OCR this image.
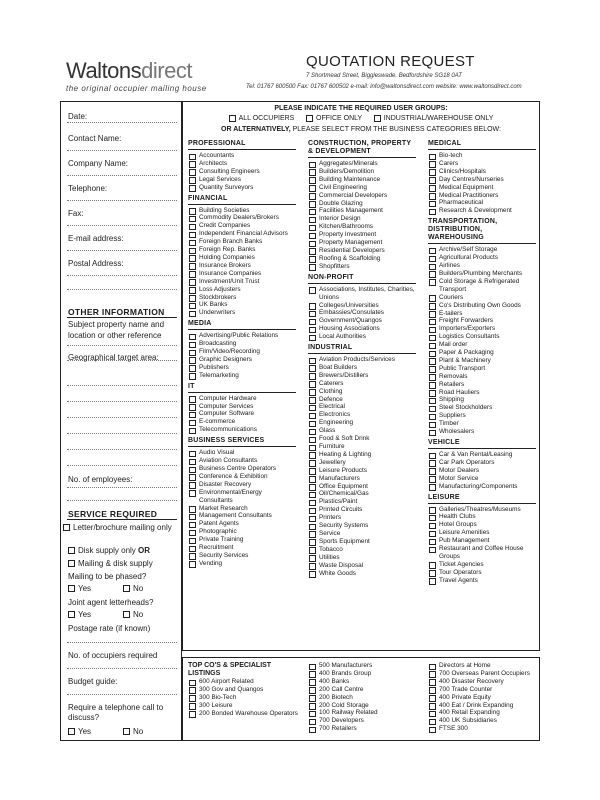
Waltonsdirect
the original occupier mailing house
QUOTATION REQUEST
7 Shortmead Street, Biggleswade, Bedfordshire SG18 0AT
Tel: 01767 600500 Fax: 01767 600502 e-mail: info@waltonsdirect.com website: www.waltonsdirect.com
Date:
Contact Name:
Company Name:
Telephone:
Fax:
E-mail address:
Postal Address:
OTHER INFORMATION
Subject property name and location or other reference
Geographical target area:
No. of employees:
SERVICE REQUIRED
Letter/brochure mailing only
Disk supply only OR
Mailing & disk supply
Mailing to be phased?
Yes	No
Joint agent letterheads?
Yes	No
Postage rate (if known)
No. of occupiers required
Budget guide:
Require a telephone call to discuss?
Yes	No
PLEASE INDICATE THE REQUIRED USER GROUPS:
ALL OCCUPIERS	OFFICE ONLY	INDUSTRIAL/WAREHOUSE ONLY
OR ALTERNATIVELY, PLEASE SELECT FROM THE BUSINESS CATEGORIES BELOW:
PROFESSIONAL
Accountants
Architects
Consulting Engineers
Legal Services
Quantity Surveyors
FINANCIAL
Building Societies
Commodity Dealers/Brokers
Credit Companies
Independent Financial Advisors
Foreign Branch Banks
Foreign Rep. Banks
Holding Companies
Insurance Brokers
Insurance Companies
Investment/Unit Trust
Loss Adjusters
Stockbrokers
UK Banks
Underwriters
MEDIA
Advertising/Public Relations
Broadcasting
Film/Video/Recording
Graphic Designers
Publishers
Telemarketing
IT
Computer Hardware
Computer Services
Computer Software
E-commerce
Telecommunications
BUSINESS SERVICES
Audio Visual
Aviation Consultants
Business Centre Operators
Conference & Exhibition
Disaster Recovery
Environmental/Energy Consultants
Market Research
Management Consultants
Patent Agents
Photographic
Private Training
Recruitment
Security Services
Vending
CONSTRUCTION, PROPERTY & DEVELOPMENT
Aggregates/Minerals
Builders/Demolition
Building Maintenance
Civil Engineering
Commercial Developers
Double Glazing
Facilities Management
Interior Design
Kitchen/Bathrooms
Property Investment
Property Management
Residential Developers
Roofing & Scaffolding
Shopfitters
NON-PROFIT
Associations, Institutes, Charities, Unions
Colleges/Universities
Embassies/Consulates
Government/Quangos
Housing Associations
Local Authorities
INDUSTRIAL
Aviation Products/Services
Boat Builders
Brewers/Distillers
Caterers
Clothing
Defence
Electrical
Electronics
Engineering
Glass
Food & Soft Drink
Furniture
Heating & Lighting
Jewellery
Leisure Products
Manufacturers
Office Equipment
Oil/Chemical/Gas
Plastics/Paint
Printed Circuits
Printers
Security Systems
Service
Sports Equipment
Tobacco
Utilities
Waste Disposal
White Goods
MEDICAL
Bio-tech
Carers
Clinics/Hospitals
Day Centres/Nurseries
Medical Equipment
Medical Practitioners
Pharmaceutical
Research & Development
TRANSPORTATION, DISTRIBUTION, WAREHOUSING
Archive/Self Storage
Agricultural Products
Airlines
Builders/Plumbing Merchants
Cold Storage & Refrigerated Transport
Couriers
Co's Distributing Own Goods
E-tailers
Freight Forwarders
Importers/Exporters
Logistics Consultants
Mail order
Paper & Packaging
Plant & Machinery
Public Transport
Removals
Retailers
Road Hauliers
Shipping
Steel Stockholders
Suppliers
Timber
Wholesalers
VEHICLE
Car & Van Rental/Leasing
Car Park Operators
Motor Dealers
Motor Service
Manufacturing/Components
LEISURE
Galleries/Theatres/Museums
Health Clubs
Hotel Groups
Leisure Amenities
Pub Management
Restaurant and Coffee House Groups
Ticket Agencies
Tour Operators
Travel Agents
TOP CO'S & SPECIALIST LISTINGS
600 Airport Related
300 Gov and Quangos
300 Bio-Tech
300 Leisure
200 Bonded Warehouse Operators
500 Manufacturers
400 Brands Group
400 Banks
200 Call Centre
200 Biotech
200 Cold Storage
100 Railway Related
700 Developers
700 Retailers
Directors at Home
700 Overseas Parent Occupiers
400 Disaster Recovery
700 Trade Counter
400 Private Equity
400 Eat / Drink Expanding
400 Retail Expanding
400 UK Subsidiaries
FTSE 300
